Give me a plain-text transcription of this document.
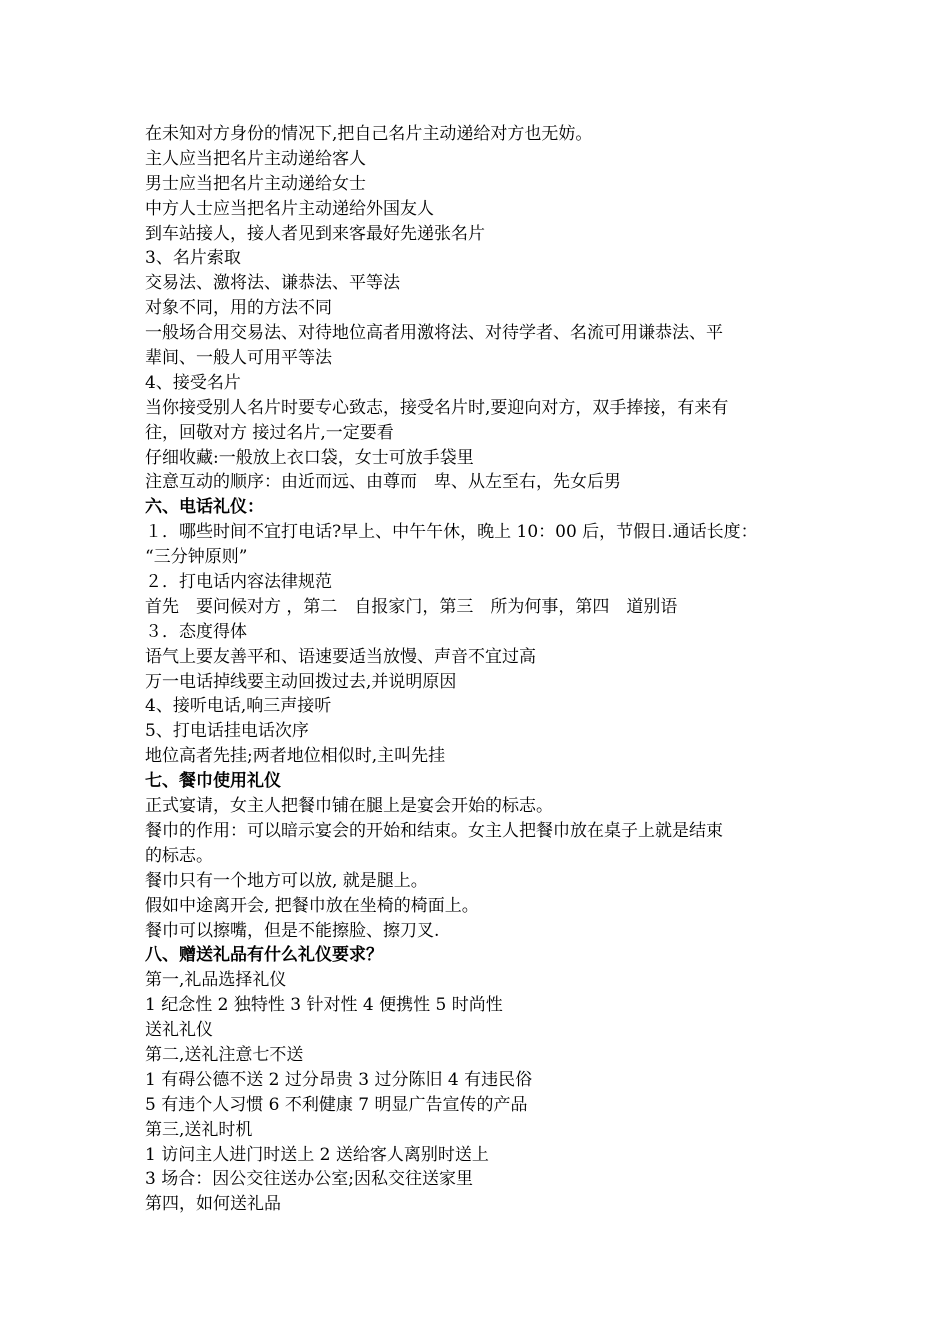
在未知对方身份的情况下,把自己名片主动递给对方也无妨。
主人应当把名片主动递给客人
男士应当把名片主动递给女士
中方人士应当把名片主动递给外国友人
到车站接人，接人者见到来客最好先递张名片
3、名片索取
交易法、激将法、谦恭法、平等法
对象不同，用的方法不同
一般场合用交易法、对待地位高者用激将法、对待学者、名流可用谦恭法、平
辈间、一般人可用平等法
4、接受名片
当你接受别人名片时要专心致志，接受名片时,要迎向对方，双手捧接，有来有
往，回敬对方 接过名片,一定要看
仔细收藏:一般放上衣口袋，女士可放手袋里
注意互动的顺序：由近而远、由尊而　卑、从左至右，先女后男
六、电话礼仪：
１．哪些时间不宜打电话?早上、中午午休，晚上 10：00 后，节假日.通话长度：
“三分钟原则”
２．打电话内容法律规范
首先　要问候对方 ，第二　自报家门，第三　所为何事，第四　道别语
３．态度得体
语气上要友善平和、语速要适当放慢、声音不宜过高
万一电话掉线要主动回拨过去,并说明原因
4、接听电话,响三声接听
5、打电话挂电话次序
地位高者先挂;两者地位相似时,主叫先挂
七、餐巾使用礼仪
正式宴请，女主人把餐巾铺在腿上是宴会开始的标志。
餐巾的作用：可以暗示宴会的开始和结束。女主人把餐巾放在桌子上就是结束
的标志。
餐巾只有一个地方可以放, 就是腿上。
假如中途离开会, 把餐巾放在坐椅的椅面上。
餐巾可以擦嘴，但是不能擦脸、擦刀叉.
八、赠送礼品有什么礼仪要求？
第一,礼品选择礼仪
1 纪念性 2 独特性 3 针对性 4 便携性 5 时尚性
送礼礼仪
第二,送礼注意七不送
1 有碍公德不送 2 过分昂贵 3 过分陈旧 4 有违民俗
5 有违个人习惯 6 不利健康 7 明显广告宣传的产品
第三,送礼时机
1 访问主人进门时送上 2 送给客人离别时送上
3 场合：因公交往送办公室;因私交往送家里
第四，如何送礼品
